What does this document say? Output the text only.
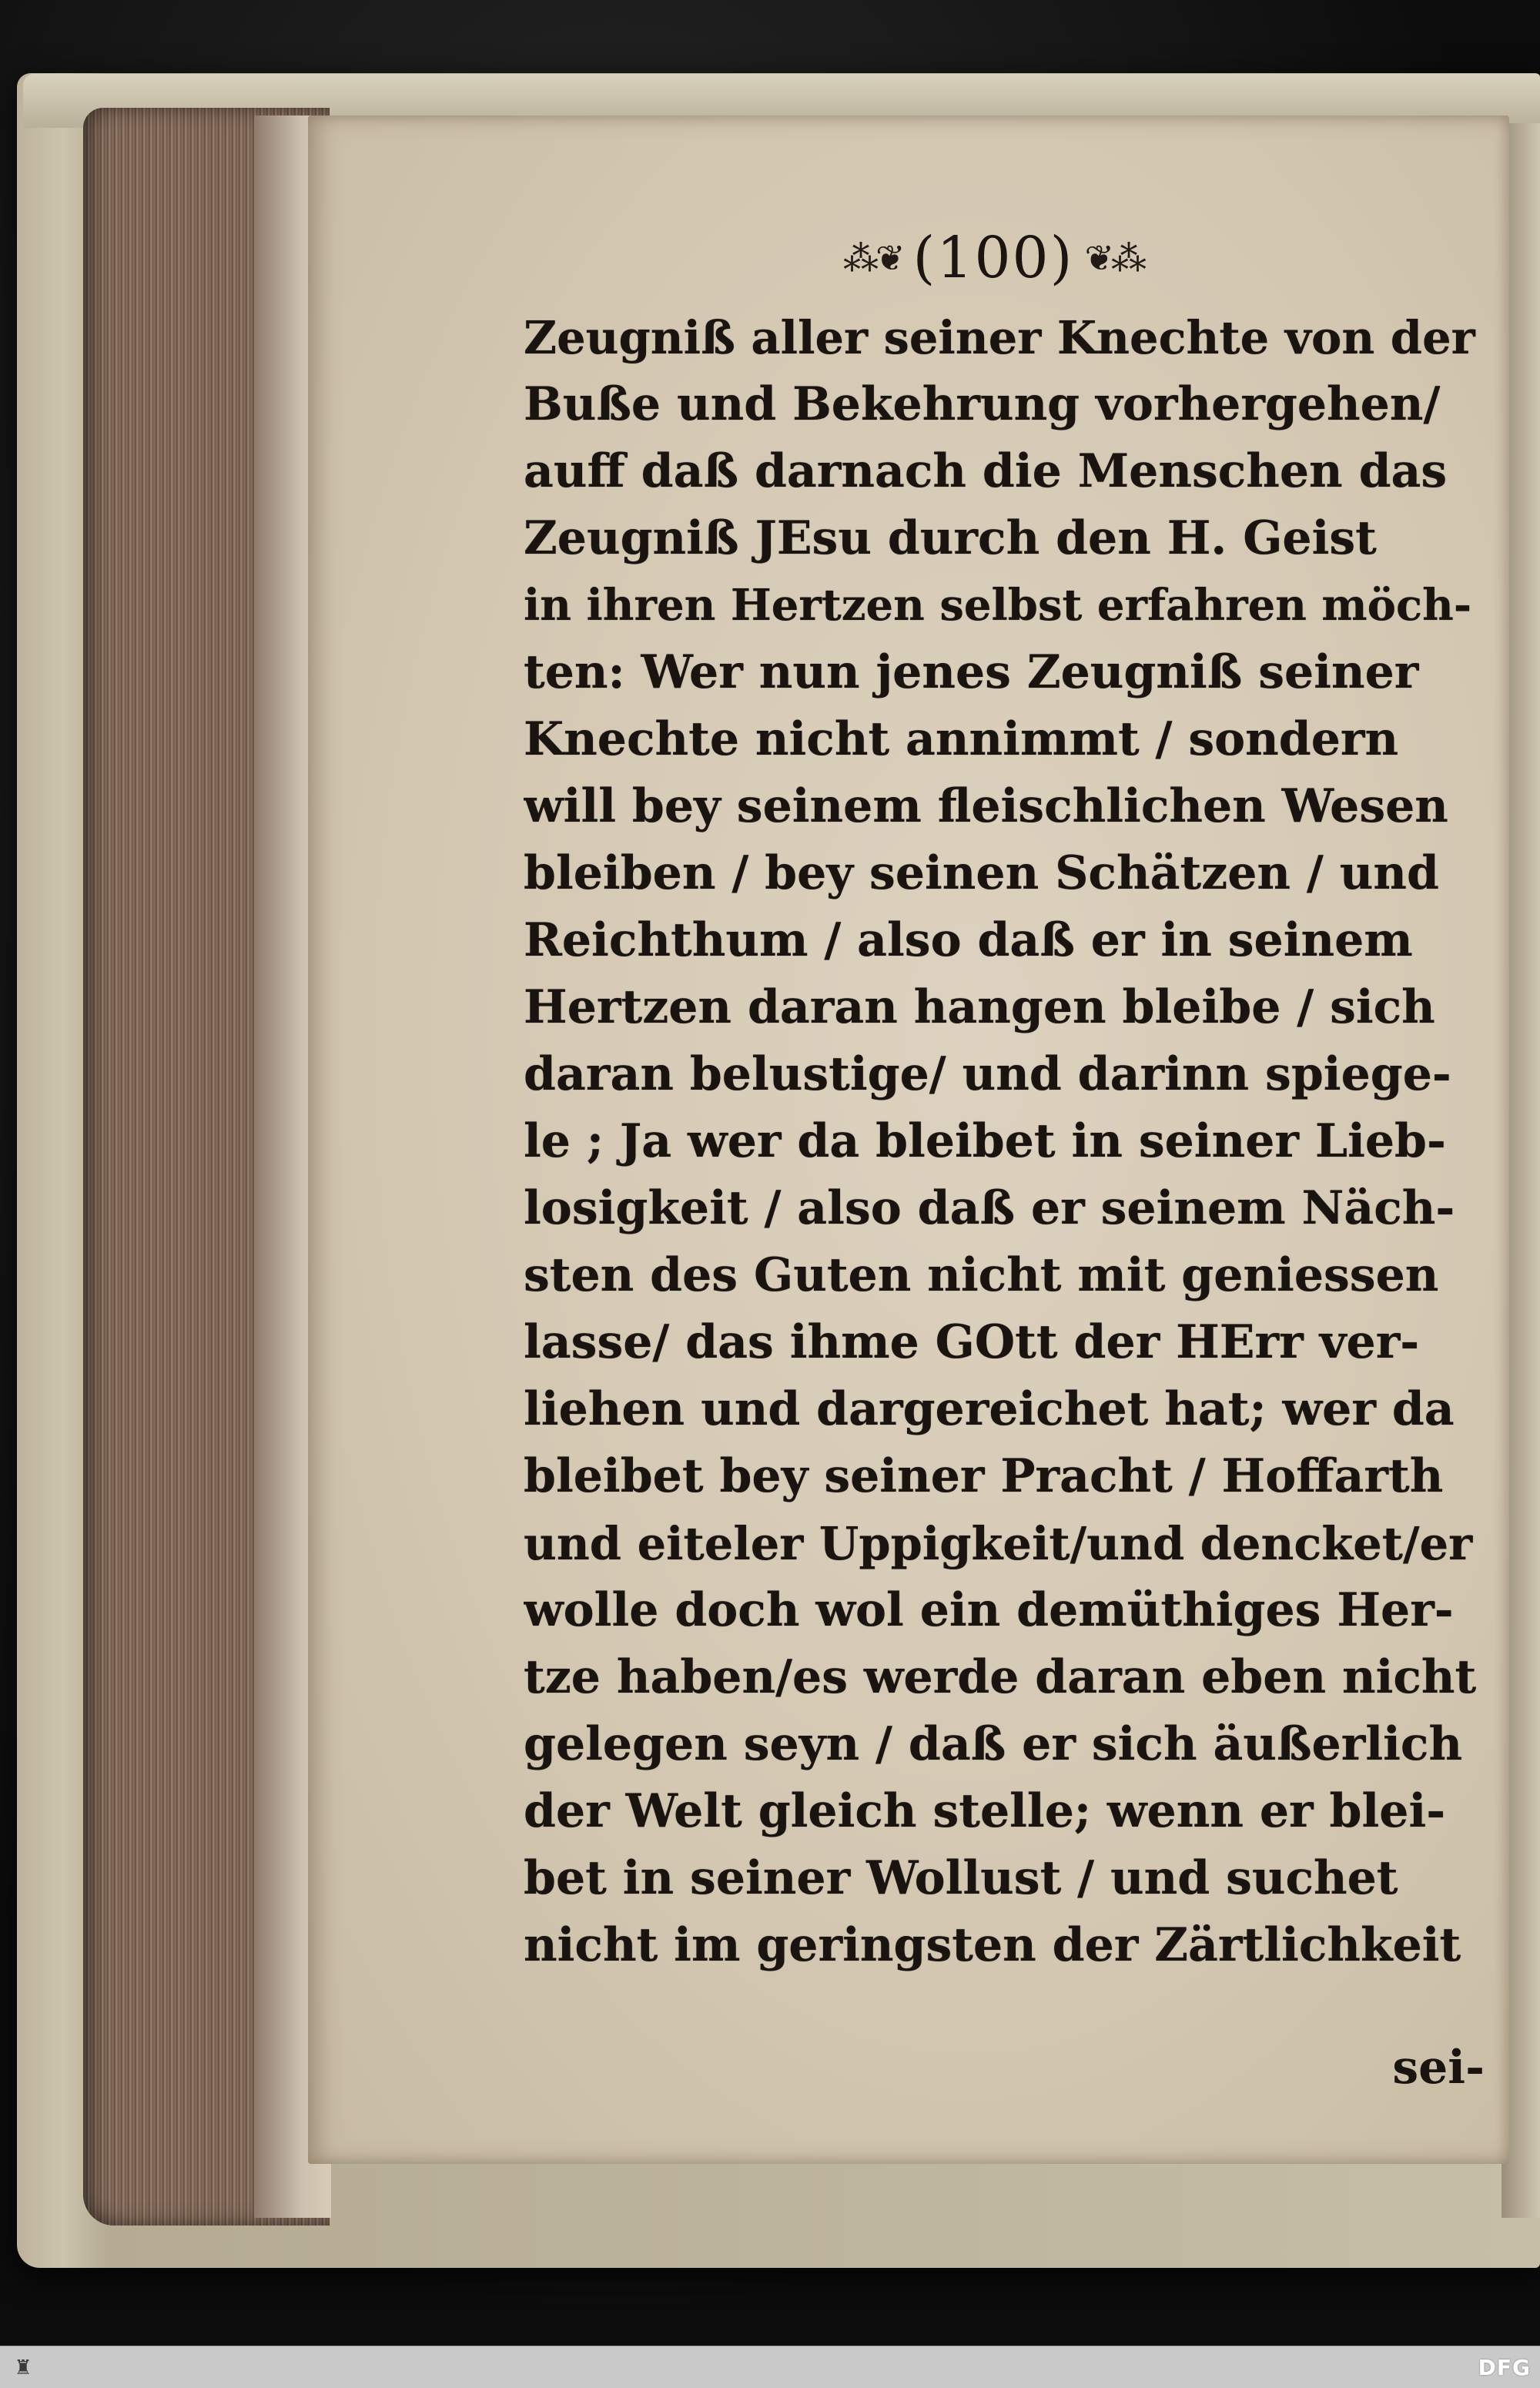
⁂❦ (100) ❦⁂
Zeugniß aller seiner Knechte von der
Buße und Bekehrung vorhergehen/
auff daß darnach die Menschen das
Zeugniß JEsu durch den H. Geist
in ihren Hertzen selbst erfahren möch-
ten: Wer nun jenes Zeugniß seiner
Knechte nicht annimmt / sondern
will bey seinem fleischlichen Wesen
bleiben / bey seinen Schätzen / und
Reichthum / also daß er in seinem
Hertzen daran hangen bleibe / sich
daran belustige/ und darinn spiege-
le ; Ja wer da bleibet in seiner Lieb-
losigkeit / also daß er seinem Näch-
sten des Guten nicht mit geniessen
lasse/ das ihme GOtt der HErr ver-
liehen und dargereichet hat; wer da
bleibet bey seiner Pracht / Hoffarth
und eiteler Uppigkeit/und dencket/er
wolle doch wol ein demüthiges Her-
tze haben/es werde daran eben nicht
gelegen seyn / daß er sich äußerlich
der Welt gleich stelle; wenn er blei-
bet in seiner Wollust / und suchet
nicht im geringsten der Zärtlichkeit
sei-
♜	DFG
